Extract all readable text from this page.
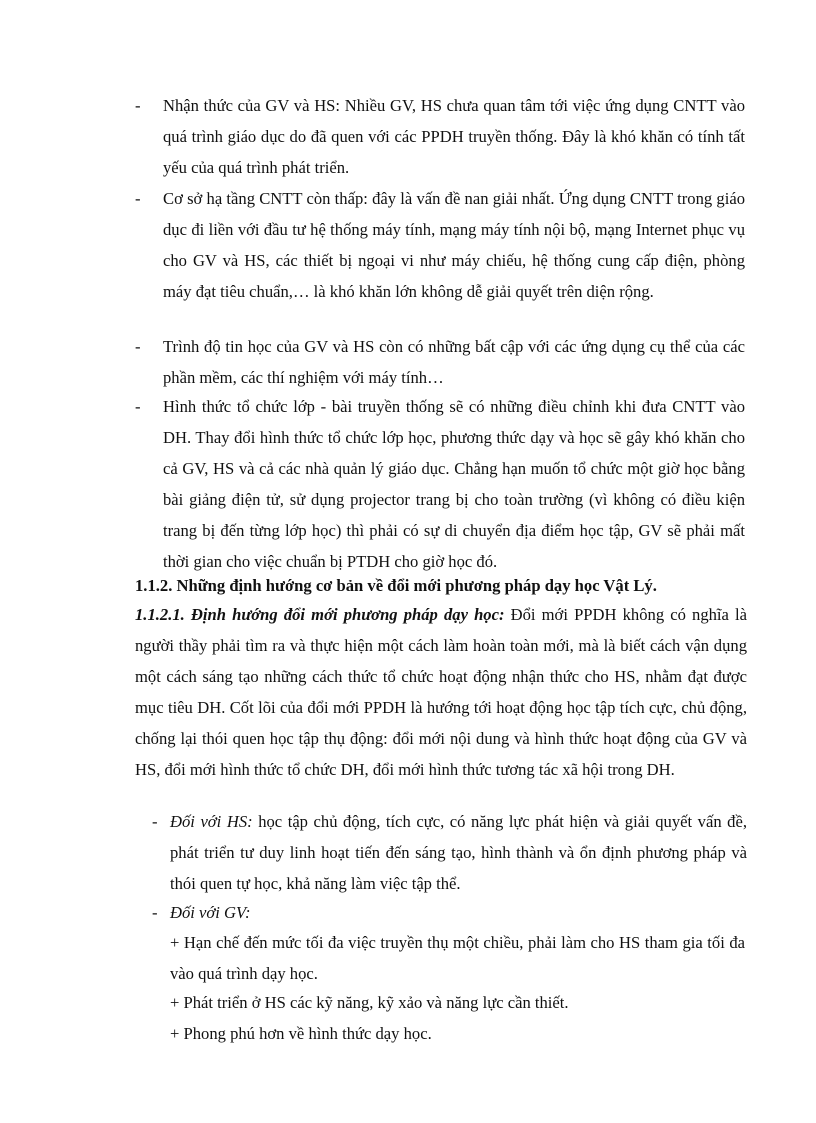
-	Nhận thức của GV và HS: Nhiều GV, HS chưa quan tâm tới việc ứng dụng CNTT vào quá trình giáo dục do đã quen với các PPDH truyền thống. Đây là khó khăn có tính tất yếu của quá trình phát triển.
-	Cơ sở hạ tầng CNTT còn thấp: đây là vấn đề nan giải nhất. Ứng dụng CNTT trong giáo dục đi liền với đầu tư hệ thống máy tính, mạng máy tính nội bộ, mạng Internet phục vụ cho GV và HS, các thiết bị ngoại vi như máy chiếu, hệ thống cung cấp điện, phòng máy đạt tiêu chuẩn,… là khó khăn lớn không dễ giải quyết trên diện rộng.
-	Trình độ tin học của GV và HS còn có những bất cập với các ứng dụng cụ thể của các phần mềm, các thí nghiệm với máy tính…
-	Hình thức tổ chức lớp - bài truyền thống sẽ có những điều chỉnh khi đưa CNTT vào DH. Thay đổi hình thức tổ chức lớp học, phương thức dạy và học sẽ gây khó khăn cho cả GV, HS và cả các nhà quản lý giáo dục. Chẳng hạn muốn tổ chức một giờ học bằng bài giảng điện tử, sử dụng projector trang bị cho toàn trường (vì không có điều kiện trang bị đến từng lớp học) thì phải có sự di chuyển địa điểm học tập, GV sẽ phải mất thời gian cho việc chuẩn bị PTDH cho giờ học đó.
1.1.2. Những định hướng cơ bản về đổi mới phương pháp dạy học Vật Lý.
1.1.2.1. Định hướng đổi mới phương pháp dạy học: Đổi mới PPDH không có nghĩa là người thầy phải tìm ra và thực hiện một cách làm hoàn toàn mới, mà là biết cách vận dụng một cách sáng tạo những cách thức tổ chức hoạt động nhận thức cho HS, nhằm đạt được mục tiêu DH. Cốt lõi của đổi mới PPDH là hướng tới hoạt động học tập tích cực, chủ động, chống lại thói quen học tập thụ động: đổi mới nội dung và hình thức hoạt động của GV và HS, đổi mới hình thức tổ chức DH, đổi mới hình thức tương tác xã hội trong DH.
- Đối với HS: học tập chủ động, tích cực, có năng lực phát hiện và giải quyết vấn đề, phát triển tư duy linh hoạt tiến đến sáng tạo, hình thành và ổn định phương pháp và thói quen tự học, khả năng làm việc tập thể.
- Đối với GV:
+ Hạn chế đến mức tối đa việc truyền thụ một chiều, phải làm cho HS tham gia tối đa vào quá trình dạy học.
+ Phát triển ở HS các kỹ năng, kỹ xảo và năng lực cần thiết.
+ Phong phú hơn về hình thức dạy học.
